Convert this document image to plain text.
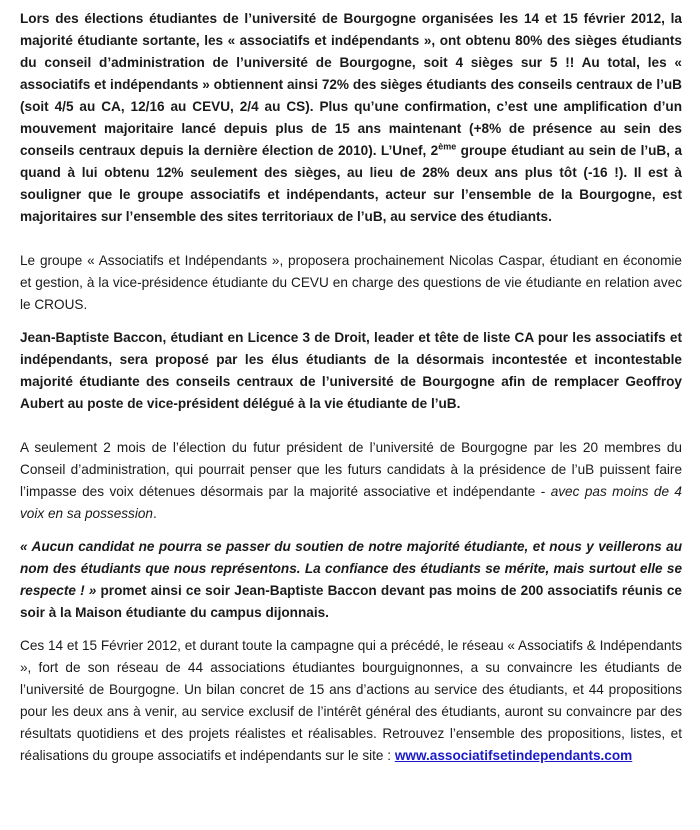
Lors des élections étudiantes de l’université de Bourgogne organisées les 14 et 15 février 2012, la majorité étudiante sortante, les « associatifs et indépendants », ont obtenu 80% des sièges étudiants du conseil d’administration de l’université de Bourgogne, soit 4 sièges sur 5 !! Au total, les « associatifs et indépendants » obtiennent ainsi 72% des sièges étudiants des conseils centraux de l’uB (soit 4/5 au CA, 12/16 au CEVU, 2/4 au CS). Plus qu’une confirmation, c’est une amplification d’un mouvement majoritaire lancé depuis plus de 15 ans maintenant (+8% de présence au sein des conseils centraux depuis la dernière élection de 2010). L’Unef, 2ème groupe étudiant au sein de l’uB, a quand à lui obtenu 12% seulement des sièges, au lieu de 28% deux ans plus tôt (-16 !). Il est à souligner que le groupe associatifs et indépendants, acteur sur l’ensemble de la Bourgogne, est majoritaires sur l’ensemble des sites territoriaux de l’uB, au service des étudiants.

Le groupe « Associatifs et Indépendants », proposera prochainement Nicolas Caspar, étudiant en économie et gestion, à la vice-présidence étudiante du CEVU en charge des questions de vie étudiante en relation avec le CROUS.

Jean-Baptiste Baccon, étudiant en Licence 3 de Droit, leader et tête de liste CA pour les associatifs et indépendants, sera proposé par les élus étudiants de la désormais incontestée et incontestable majorité étudiante des conseils centraux de l’université de Bourgogne afin de remplacer Geoffroy Aubert au poste de vice-président délégué à la vie étudiante de l’uB.

A seulement 2 mois de l’élection du futur président de l’université de Bourgogne par les 20 membres du Conseil d’administration, qui pourrait penser que les futurs candidats à la présidence de l’uB puissent faire l’impasse des voix détenues désormais par la majorité associative et indépendante - avec pas moins de 4 voix en sa possession.

« Aucun candidat ne pourra se passer du soutien de notre majorité étudiante, et nous y veillerons au nom des étudiants que nous représentons. La confiance des étudiants se mérite, mais surtout elle se respecte ! » promet ainsi ce soir Jean-Baptiste Baccon devant pas moins de 200 associatifs réunis ce soir à la Maison étudiante du campus dijonnais.

Ces 14 et 15 Février 2012, et durant toute la campagne qui a précédé, le réseau « Associatifs & Indépendants », fort de son réseau de 44 associations étudiantes bourguignonnes, a su convaincre les étudiants de l’université de Bourgogne. Un bilan concret de 15 ans d’actions au service des étudiants, et 44 propositions pour les deux ans à venir, au service exclusif de l’intérêt général des étudiants, auront su convaincre par des résultats quotidiens et des projets réalistes et réalisables. Retrouvez l’ensemble des propositions, listes, et réalisations du groupe associatifs et indépendants sur le site : www.associatifsetindependants.com
